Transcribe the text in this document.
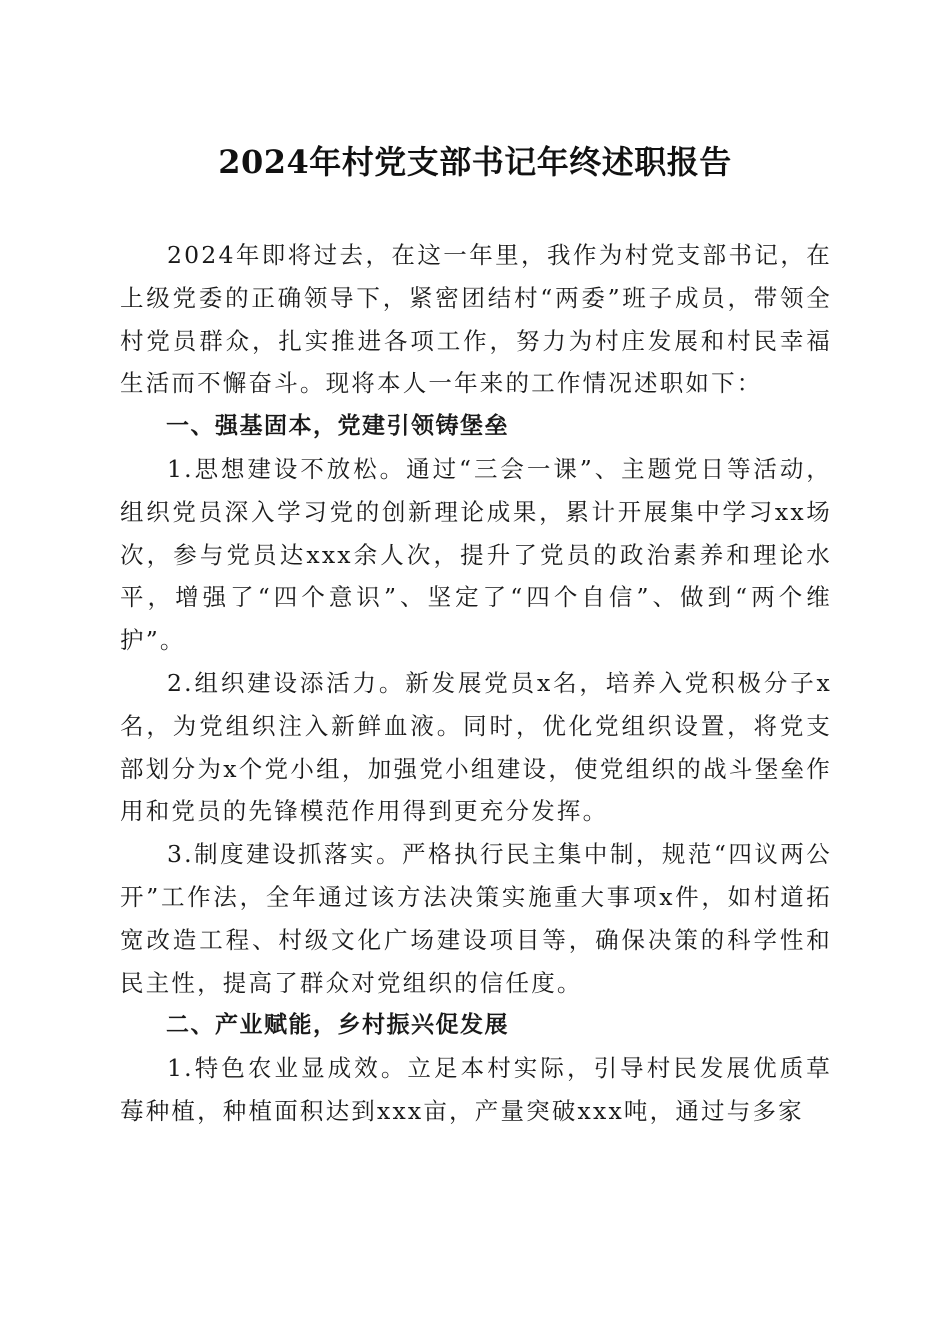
2024年村党支部书记年终述职报告

2024年即将过去，在这一年里，我作为村党支部书记，在上级党委的正确领导下，紧密团结村“两委”班子成员，带领全村党员群众，扎实推进各项工作，努力为村庄发展和村民幸福生活而不懈奋斗。现将本人一年来的工作情况述职如下：

一、强基固本，党建引领铸堡垒

1.思想建设不放松。通过“三会一课”、主题党日等活动，组织党员深入学习党的创新理论成果，累计开展集中学习xx场次，参与党员达xxx余人次，提升了党员的政治素养和理论水平，增强了“四个意识”、坚定了“四个自信”、做到“两个维护”。

2.组织建设添活力。新发展党员x名，培养入党积极分子x名，为党组织注入新鲜血液。同时，优化党组织设置，将党支部划分为x个党小组，加强党小组建设，使党组织的战斗堡垒作用和党员的先锋模范作用得到更充分发挥。

3.制度建设抓落实。严格执行民主集中制，规范“四议两公开”工作法，全年通过该方法决策实施重大事项x件，如村道拓宽改造工程、村级文化广场建设项目等，确保决策的科学性和民主性，提高了群众对党组织的信任度。

二、产业赋能，乡村振兴促发展

1.特色农业显成效。立足本村实际，引导村民发展优质草莓种植，种植面积达到xxx亩，产量突破xxx吨，通过与多家
